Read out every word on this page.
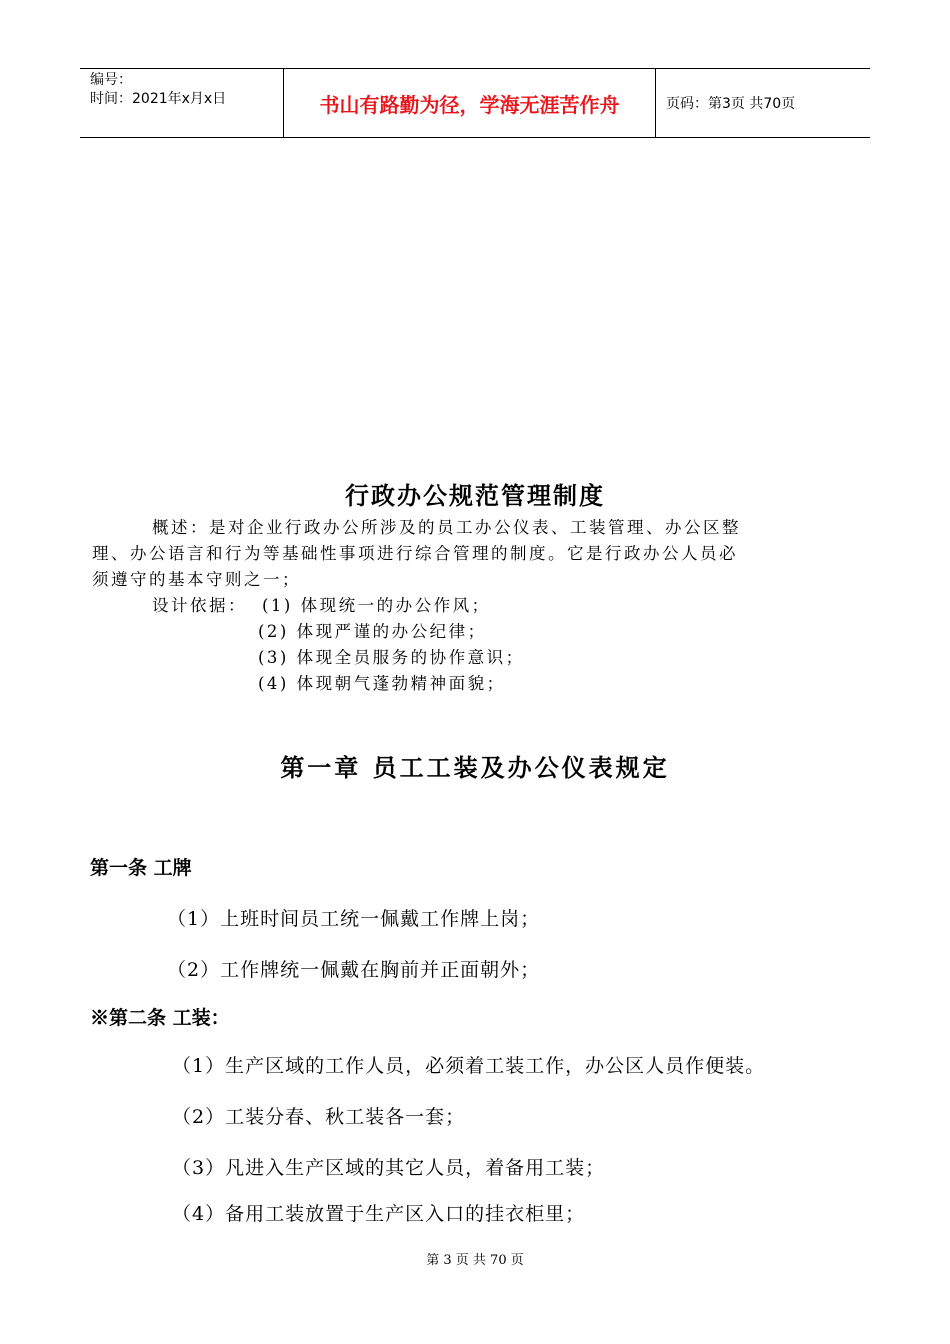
编号：
时间：2021年x月x日	书山有路勤为径，学海无涯苦作舟	页码：第3页 共70页
行政办公规范管理制度
概述：是对企业行政办公所涉及的员工办公仪表、工装管理、办公区整
理、办公语言和行为等基础性事项进行综合管理的制度。它是行政办公人员必
须遵守的基本守则之一；
设计依据： (1) 体现统一的办公作风；
(2) 体现严谨的办公纪律；
(3) 体现全员服务的协作意识；
(4) 体现朝气蓬勃精神面貌；
第一章 员工工装及办公仪表规定
第一条 工牌
（1）上班时间员工统一佩戴工作牌上岗；
（2）工作牌统一佩戴在胸前并正面朝外；
※第二条 工装：
（1）生产区域的工作人员，必须着工装工作，办公区人员作便装。
（2）工装分春、秋工装各一套；
（3）凡进入生产区域的其它人员，着备用工装；
（4）备用工装放置于生产区入口的挂衣柜里；
第 3 页 共 70 页
